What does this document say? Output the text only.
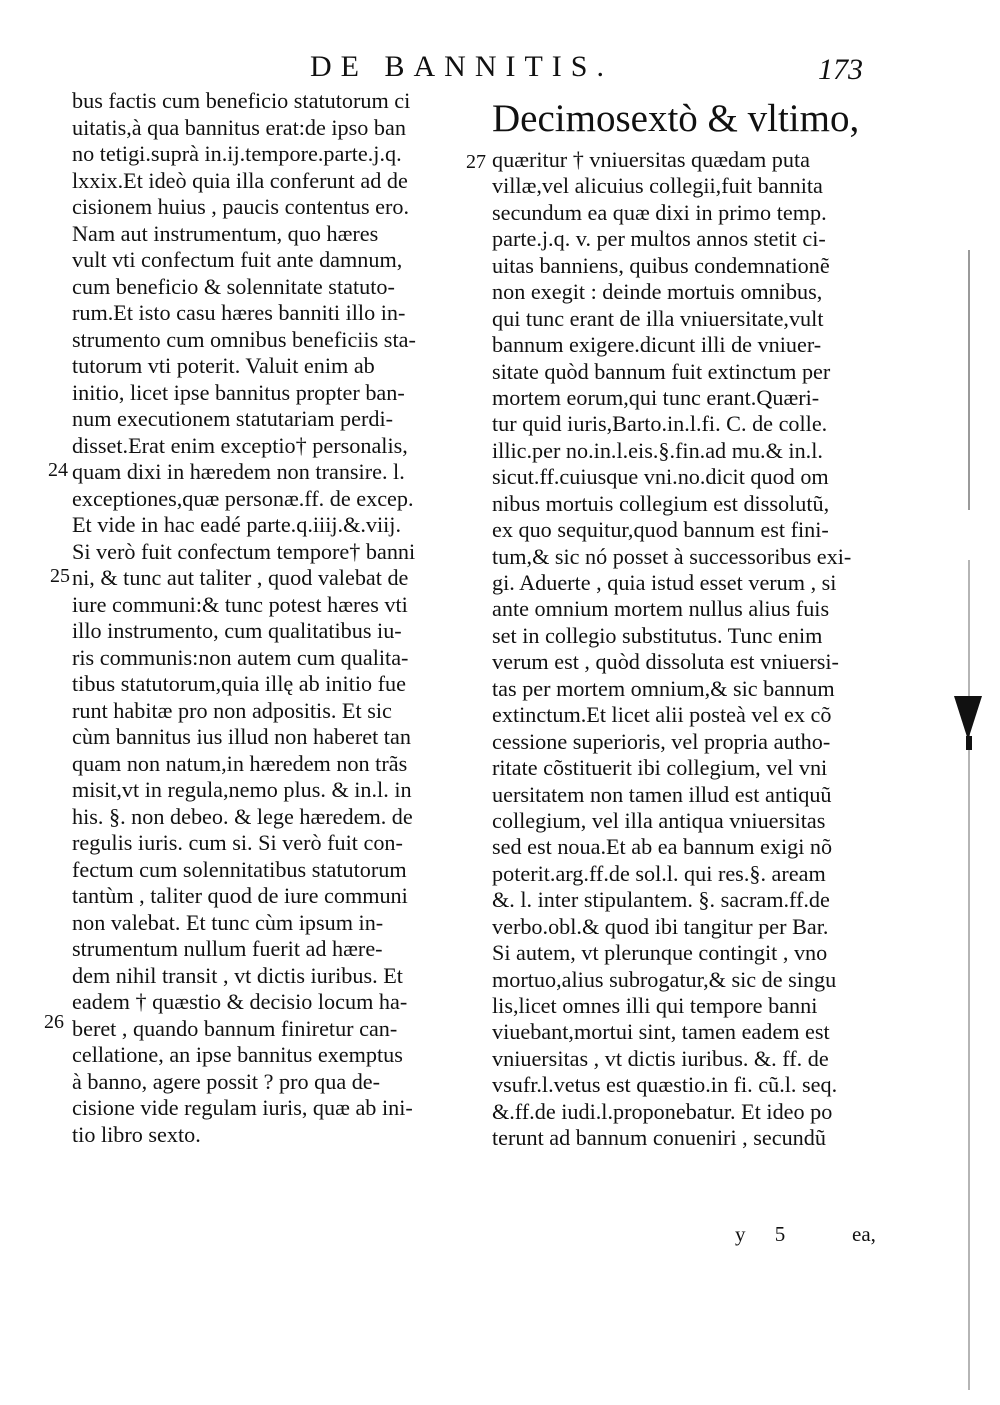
DE BANNITIS.	173
bus factis cum beneficio statutorum ci
uitatis,à qua bannitus erat:de ipso ban
no tetigi.suprà in.ij.tempore.parte.j.q.
lxxix.Et ideò quia illa conferunt ad de
cisionem huius , paucis contentus ero.
Nam aut instrumentum, quo hæres
vult vti confectum fuit ante damnum,
cum beneficio & solennitate statuto-
rum.Et isto casu hæres banniti illo in-
strumento cum omnibus beneficiis sta-
tutorum vti poterit. Valuit enim ab
initio, licet ipse bannitus propter ban-
num executionem statutariam perdi-
disset.Erat enim exceptio† personalis,
quam dixi in hæredem non transire. l.
exceptiones,quæ personæ.ff. de excep.
Et vide in hac eadé parte.q.iiij.&.viij.
Si verò fuit confectum tempore† banni
ni, & tunc aut taliter , quod valebat de
iure communi:& tunc potest hæres vti
illo instrumento, cum qualitatibus iu-
ris communis:non autem cum qualita-
tibus statutorum,quia illę ab initio fue
runt habitæ pro non adpositis. Et sic
cùm bannitus ius illud non haberet tan
quam non natum,in hæredem non trãs
misit,vt in regula,nemo plus. & in.l. in
his. §. non debeo. & lege hæredem. de
regulis iuris. cum si. Si verò fuit con-
fectum cum solennitatibus statutorum
tantùm , taliter quod de iure communi
non valebat. Et tunc cùm ipsum in-
strumentum nullum fuerit ad hære-
dem nihil transit , vt dictis iuribus. Et
eadem † quæstio & decisio locum ha-
beret , quando bannum finiretur can-
cellatione, an ipse bannitus exemptus
à banno, agere possit ? pro qua de-
cisione vide regulam iuris, quæ ab ini-
tio libro sexto.
24
25
26
Decimosextò & vltimo,
quæritur † vniuersitas quædam puta
villæ,vel alicuius collegii,fuit bannita
secundum ea quæ dixi in primo temp.
parte.j.q. v. per multos annos stetit ci-
uitas banniens, quibus condemnationẽ
non exegit : deinde mortuis omnibus,
qui tunc erant de illa vniuersitate,vult
bannum exigere.dicunt illi de vniuer-
sitate quòd bannum fuit extinctum per
mortem eorum,qui tunc erant.Quæri-
tur quid iuris,Barto.in.l.fi. C. de colle.
illic.per no.in.l.eis.§.fin.ad mu.& in.l.
sicut.ff.cuiusque vni.no.dicit quod om
nibus mortuis collegium est dissolutũ,
ex quo sequitur,quod bannum est fini-
tum,& sic nó posset à successoribus exi-
gi. Aduerte , quia istud esset verum , si
ante omnium mortem nullus alius fuis
set in collegio substitutus. Tunc enim
verum est , quòd dissoluta est vniuersi-
tas per mortem omnium,& sic bannum
extinctum.Et licet alii posteà vel ex cõ
cessione superioris, vel propria autho-
ritate cõstituerit ibi collegium, vel vni
uersitatem non tamen illud est antiquũ
collegium, vel illa antiqua vniuersitas
sed est noua.Et ab ea bannum exigi nõ
poterit.arg.ff.de sol.l. qui res.§. aream
&. l. inter stipulantem. §. sacram.ff.de
verbo.obl.& quod ibi tangitur per Bar.
Si autem, vt plerunque contingit , vno
mortuo,alius subrogatur,& sic de singu
lis,licet omnes illi qui tempore banni
viuebant,mortui sint, tamen eadem est
vniuersitas , vt dictis iuribus. &. ff. de
vsufr.l.vetus est quæstio.in fi. cũ.l. seq.
&.ff.de iudi.l.proponebatur. Et ideo po
terunt ad bannum conueniri , secundũ
27
y 5	ea,
